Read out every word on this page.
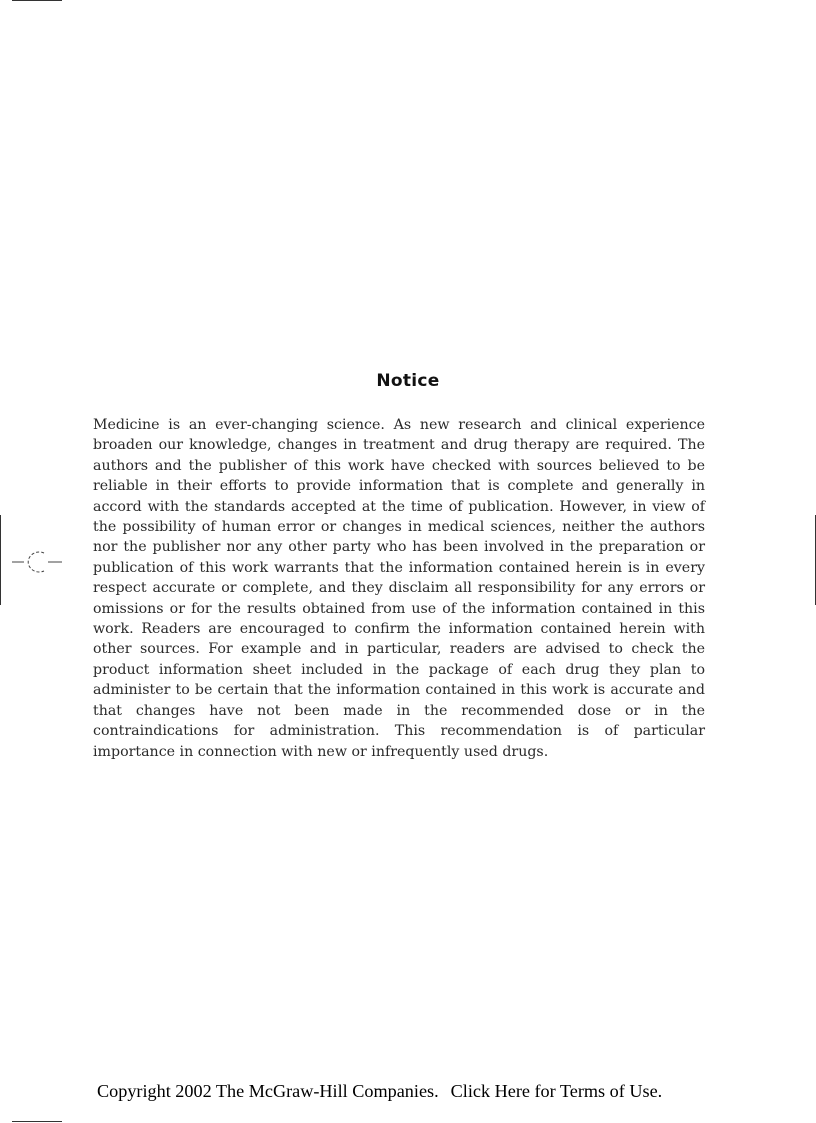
Notice

Medicine is an ever-changing science. As new research and clinical experience broaden our knowledge, changes in treatment and drug therapy are required. The authors and the publisher of this work have checked with sources believed to be reliable in their efforts to provide information that is complete and generally in accord with the standards accepted at the time of publication. However, in view of the possibility of human error or changes in medical sciences, neither the authors nor the publisher nor any other party who has been involved in the preparation or publication of this work warrants that the information contained herein is in every respect accurate or complete, and they disclaim all responsibility for any errors or omissions or for the results obtained from use of the information contained in this work. Readers are encouraged to confirm the information contained herein with other sources. For example and in particular, readers are advised to check the product information sheet included in the package of each drug they plan to administer to be certain that the information contained in this work is accurate and that changes have not been made in the recommended dose or in the contraindications for administration. This recommendation is of particular importance in connection with new or infrequently used drugs.

Copyright 2002 The McGraw-Hill Companies. Click Here for Terms of Use.
